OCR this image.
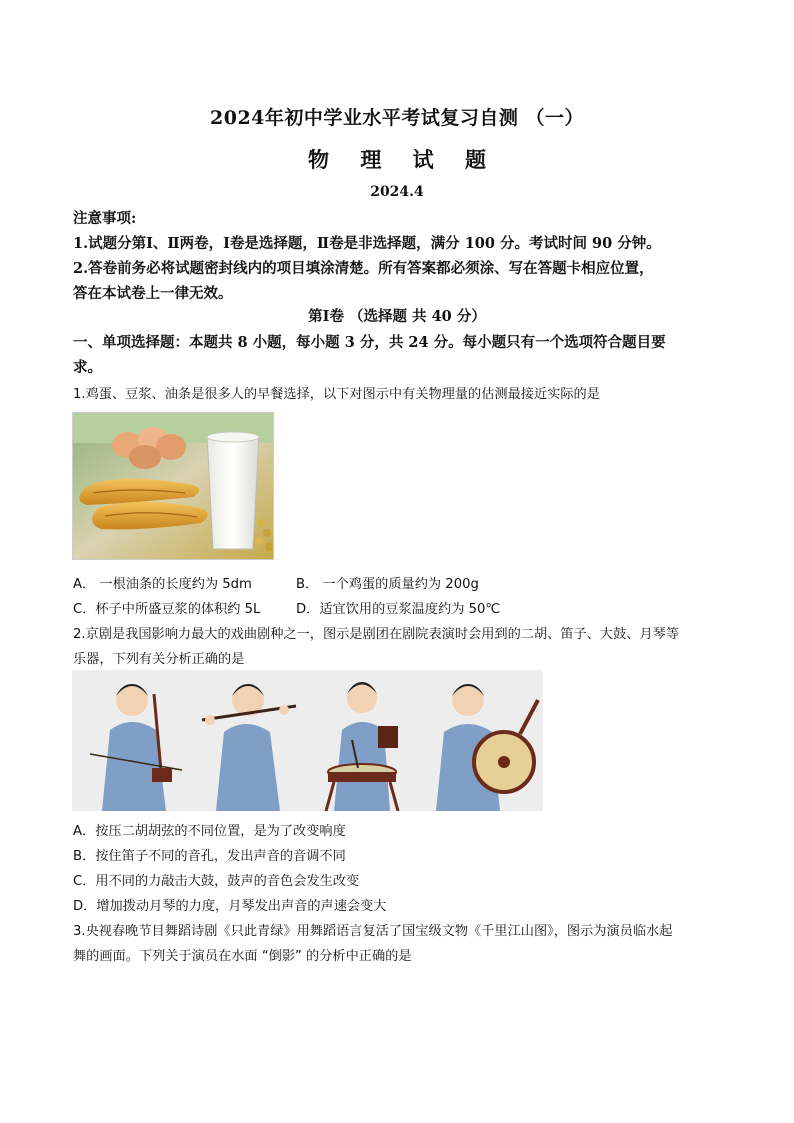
2024年初中学业水平考试复习自测 （一）
物 理 试 题
2024.4
注意事项:
1.试题分第Ⅰ、Ⅱ两卷，Ⅰ卷是选择题，Ⅱ卷是非选择题，满分 100 分。考试时间 90 分钟。
2.答卷前务必将试题密封线内的项目填涂清楚。所有答案都必须涂、写在答题卡相应位置，
答在本试卷上一律无效。
第Ⅰ卷 （选择题 共 40 分）
一、单项选择题：本题共 8 小题，每小题 3 分，共 24 分。每小题只有一个选项符合题目要
求。
1.鸡蛋、豆浆、油条是很多人的早餐选择，以下对图示中有关物理量的估测最接近实际的是
A． 一根油条的长度约为 5dm	B． 一个鸡蛋的质量约为 200g
C．杯子中所盛豆浆的体积约 5L	D．适宜饮用的豆浆温度约为 50℃
2.京剧是我国影响力最大的戏曲剧种之一，图示是剧团在剧院表演时会用到的二胡、笛子、大鼓、月琴等
乐器，下列有关分析正确的是
A．按压二胡胡弦的不同位置，是为了改变响度
B．按住笛子不同的音孔，发出声音的音调不同
C．用不同的力敲击大鼓，鼓声的音色会发生改变
D．增加拨动月琴的力度，月琴发出声音的声速会变大
3.央视春晚节目舞蹈诗剧《只此青绿》用舞蹈语言复活了国宝级文物《千里江山图》，图示为演员临水起
舞的画面。下列关于演员在水面 “倒影” 的分析中正确的是
